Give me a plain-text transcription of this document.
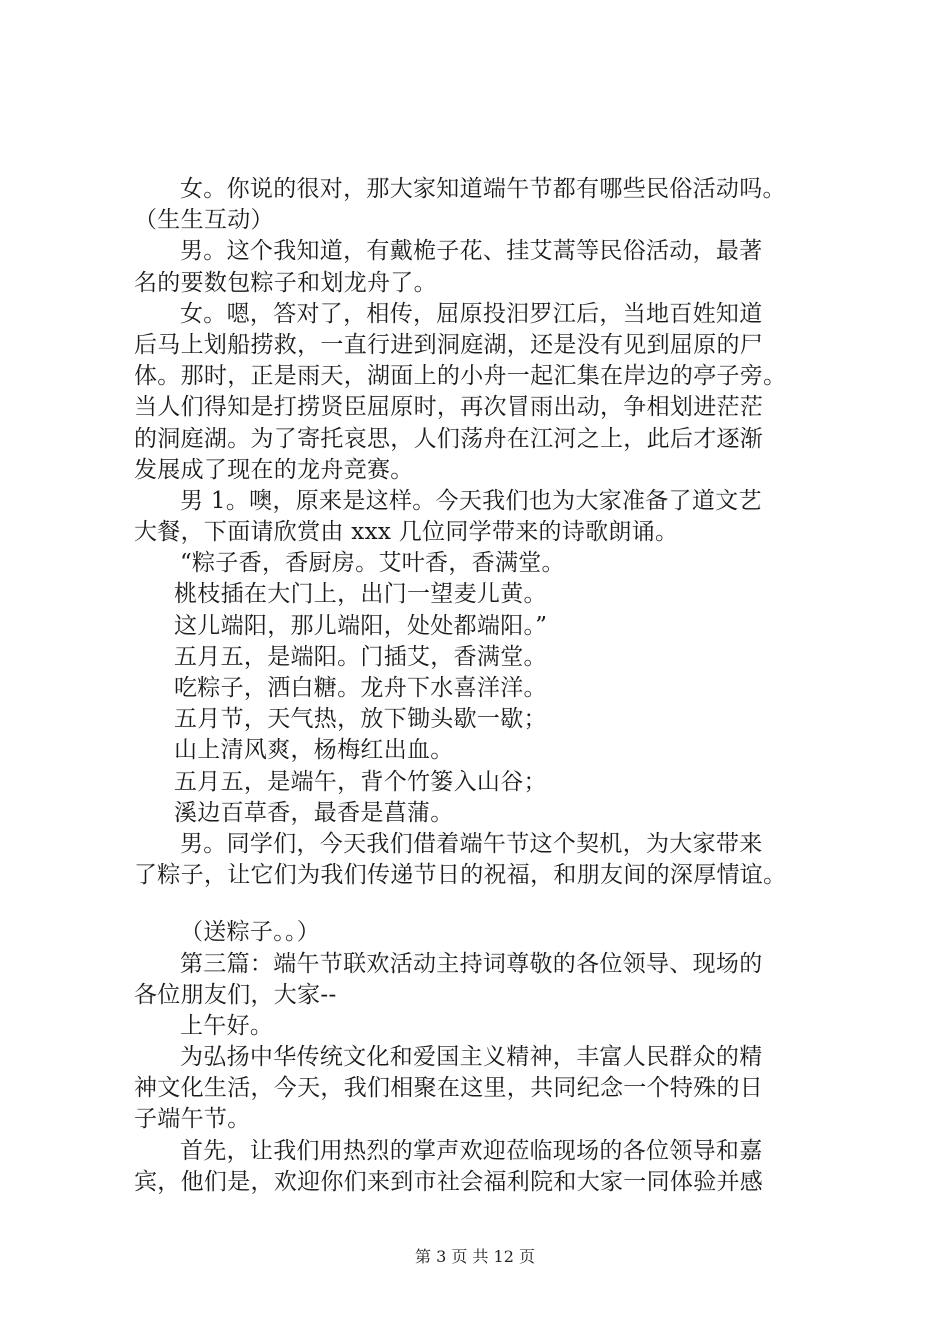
女。你说的很对，那大家知道端午节都有哪些民俗活动吗。
（生生互动）
男。这个我知道，有戴桅子花、挂艾蒿等民俗活动，最著
名的要数包粽子和划龙舟了。
女。嗯，答对了，相传，屈原投汨罗江后，当地百姓知道
后马上划船捞救，一直行进到洞庭湖，还是没有见到屈原的尸
体。那时，正是雨天，湖面上的小舟一起汇集在岸边的亭子旁。
当人们得知是打捞贤臣屈原时，再次冒雨出动，争相划进茫茫
的洞庭湖。为了寄托哀思，人们荡舟在江河之上，此后才逐渐
发展成了现在的龙舟竞赛。
男 1。噢，原来是这样。今天我们也为大家准备了道文艺
大餐，下面请欣赏由 xxx 几位同学带来的诗歌朗诵。
“粽子香，香厨房。艾叶香，香满堂。
桃枝插在大门上，出门一望麦儿黄。
这儿端阳，那儿端阳，处处都端阳。”
五月五，是端阳。门插艾，香满堂。
吃粽子，洒白糖。龙舟下水喜洋洋。
五月节，天气热，放下锄头歇一歇；
山上清风爽，杨梅红出血。
五月五，是端午，背个竹篓入山谷；
溪边百草香，最香是菖蒲。
男。同学们，今天我们借着端午节这个契机，为大家带来
了粽子，让它们为我们传递节日的祝福，和朋友间的深厚情谊。
（送粽子。。）
第三篇：端午节联欢活动主持词尊敬的各位领导、现场的
各位朋友们，大家--
上午好。
为弘扬中华传统文化和爱国主义精神，丰富人民群众的精
神文化生活，今天，我们相聚在这里，共同纪念一个特殊的日
子端午节。
首先，让我们用热烈的掌声欢迎莅临现场的各位领导和嘉
宾，他们是，欢迎你们来到市社会福利院和大家一同体验并感
第 3 页 共 12 页
